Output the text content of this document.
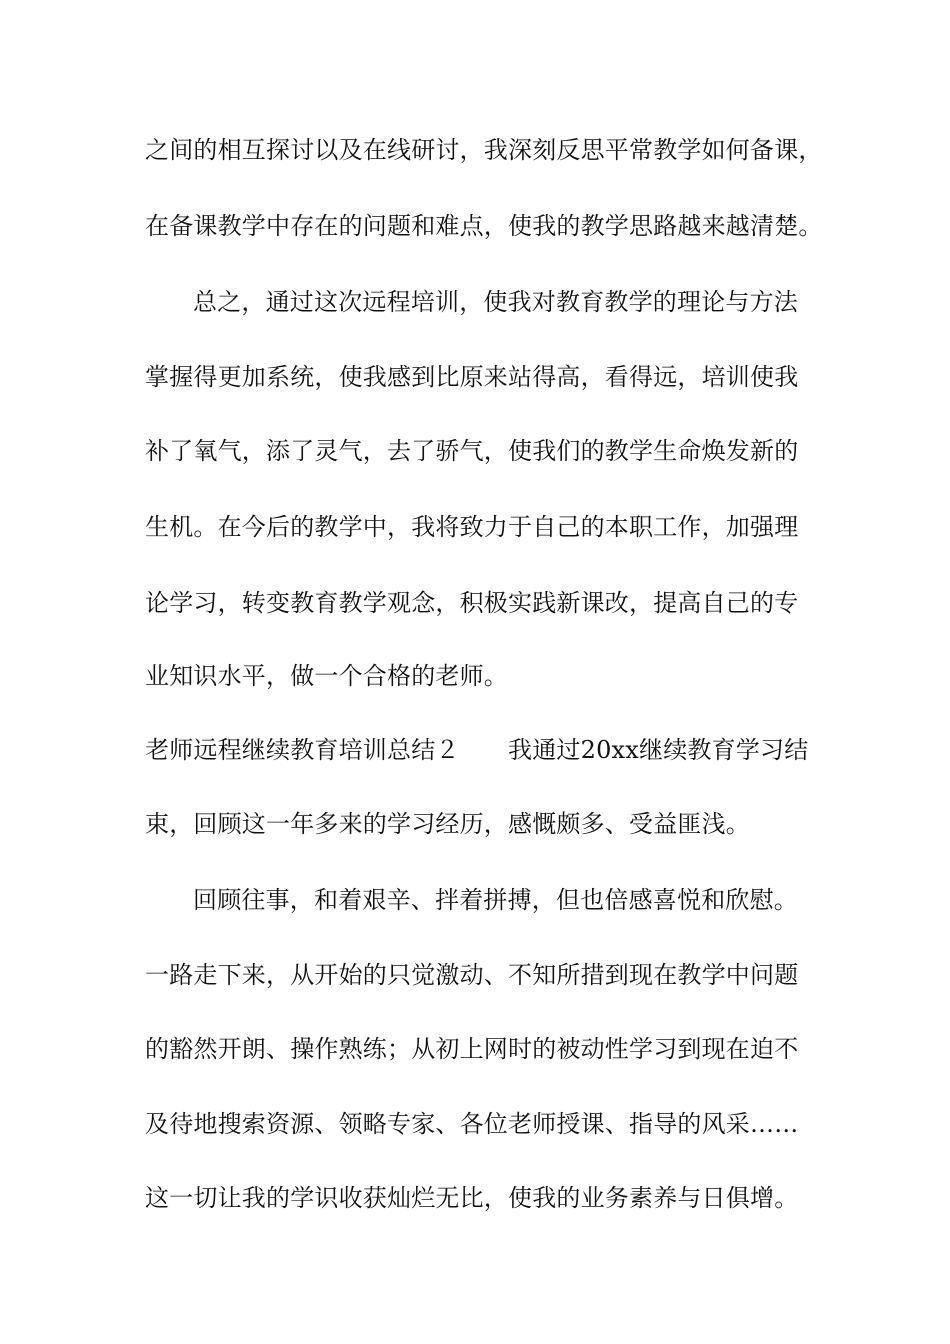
之间的相互探讨以及在线研讨，我深刻反思平常教学如何备课，

在备课教学中存在的问题和难点，使我的教学思路越来越清楚。

总之，通过这次远程培训，使我对教育教学的理论与方法

掌握得更加系统，使我感到比原来站得高，看得远，培训使我

补了氧气，添了灵气，去了骄气，使我们的教学生命焕发新的

生机。在今后的教学中，我将致力于自己的本职工作，加强理

论学习，转变教育教学观念，积极实践新课改，提高自己的专

业知识水平，做一个合格的老师。

老师远程继续教育培训总结２　　我通过20xx继续教育学习结

束，回顾这一年多来的学习经历，感慨颇多、受益匪浅。

回顾往事，和着艰辛、拌着拼搏，但也倍感喜悦和欣慰。

一路走下来，从开始的只觉激动、不知所措到现在教学中问题

的豁然开朗、操作熟练；从初上网时的被动性学习到现在迫不

及待地搜索资源、领略专家、各位老师授课、指导的风采……

这一切让我的学识收获灿烂无比，使我的业务素养与日俱增。
